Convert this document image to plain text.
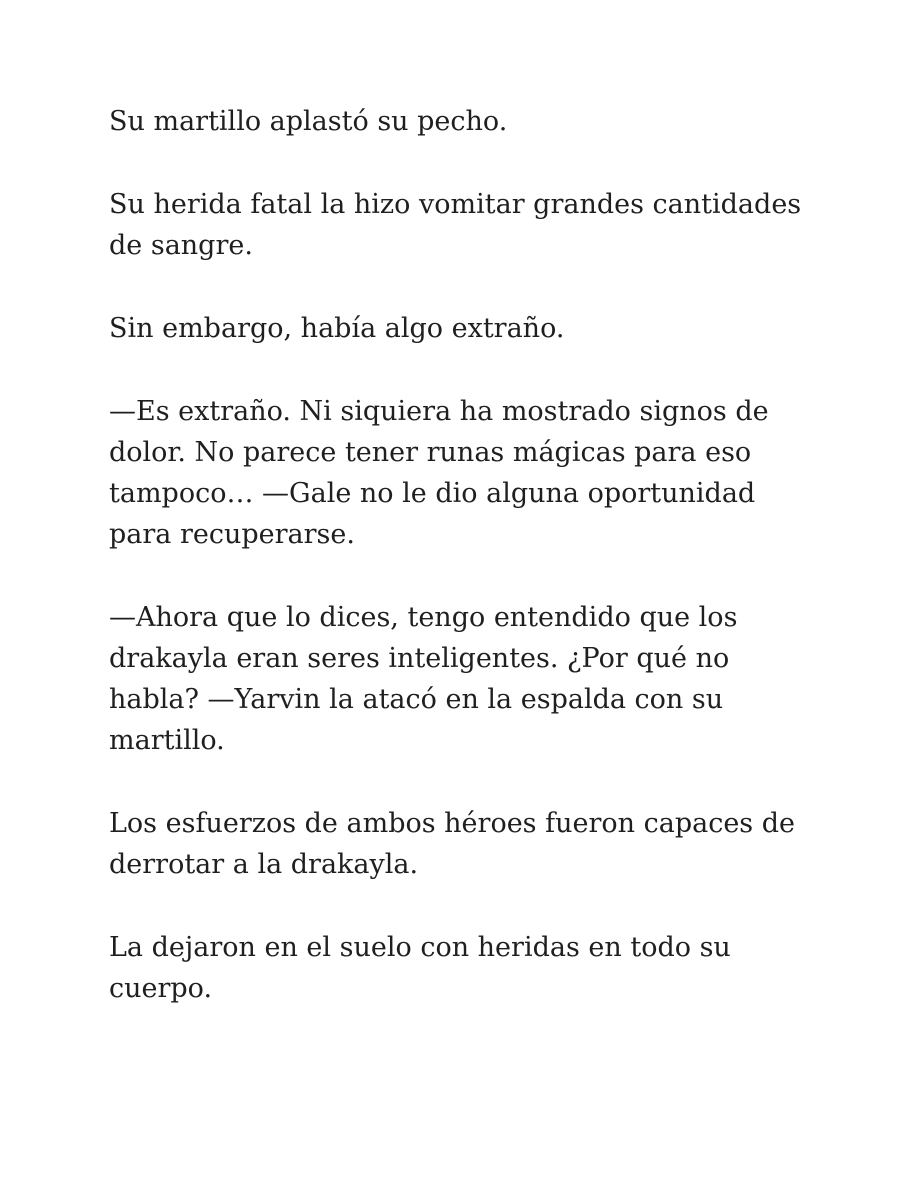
Su martillo aplastó su pecho.

Su herida fatal la hizo vomitar grandes cantidades de sangre.

Sin embargo, había algo extraño.

—Es extraño. Ni siquiera ha mostrado signos de dolor. No parece tener runas mágicas para eso tampoco… —Gale no le dio alguna oportunidad para recuperarse.

—Ahora que lo dices, tengo entendido que los drakayla eran seres inteligentes. ¿Por qué no habla? —Yarvin la atacó en la espalda con su martillo.

Los esfuerzos de ambos héroes fueron capaces de derrotar a la drakayla.

La dejaron en el suelo con heridas en todo su cuerpo.
